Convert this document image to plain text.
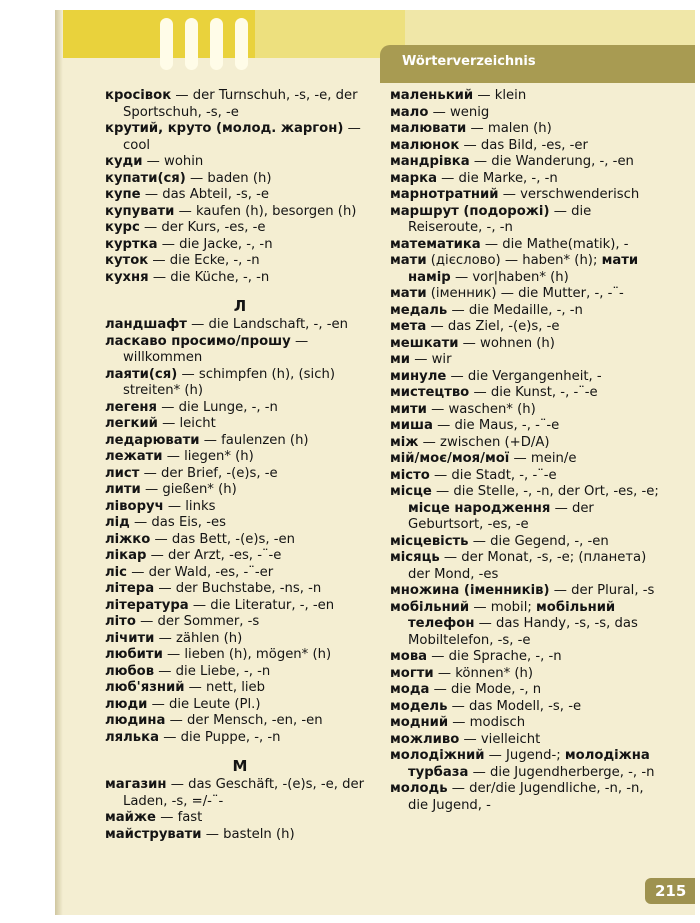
Wörterverzeichnis
кросівок — der Turnschuh, -s, -e, der Sportschuh, -s, -e
крутий, круто (молод. жаргон) — cool
куди — wohin
купати(ся) — baden (h)
купе — das Abteil, -s, -e
купувати — kaufen (h), besorgen (h)
курс — der Kurs, -es, -e
куртка — die Jacke, -, -n
куток — die Ecke, -, -n
кухня — die Küche, -, -n
Л
ландшафт — die Landschaft, -, -en
ласкаво просимо/прошу — willkommen
лаяти(ся) — schimpfen (h), (sich) streiten* (h)
легеня — die Lunge, -, -n
легкий — leicht
ледарювати — faulenzen (h)
лежати — liegen* (h)
лист — der Brief, -(e)s, -e
лити — gießen* (h)
ліворуч — links
лід — das Eis, -es
ліжко — das Bett, -(e)s, -en
лікар — der Arzt, -es, -¨-e
ліс — der Wald, -es, -¨-er
літера — der Buchstabe, -ns, -n
література — die Literatur, -, -en
літо — der Sommer, -s
лічити — zählen (h)
любити — lieben (h), mögen* (h)
любов — die Liebe, -, -n
люб'язний — nett, lieb
люди — die Leute (Pl.)
людина — der Mensch, -en, -en
лялька — die Puppe, -, -n
М
магазин — das Geschäft, -(e)s, -e, der Laden, -s, =/-¨-
майже — fast
майструвати — basteln (h)
маленький — klein
мало — wenig
малювати — malen (h)
малюнок — das Bild, -es, -er
мандрівка — die Wanderung, -, -en
марка — die Marke, -, -n
марнотратний — verschwenderisch
маршрут (подорожі) — die Reiseroute, -, -n
математика — die Mathe(matik), -
мати (дієслово) — haben* (h); мати намір — vor|haben* (h)
мати (іменник) — die Mutter, -, -¨-
медаль — die Medaille, -, -n
мета — das Ziel, -(e)s, -e
мешкати — wohnen (h)
ми — wir
минуле — die Vergangenheit, -
мистецтво — die Kunst, -, -¨-e
мити — waschen* (h)
миша — die Maus, -, -¨-e
між — zwischen (+D/A)
мій/моє/моя/мої — mein/e
місто — die Stadt, -, -¨-e
місце — die Stelle, -, -n, der Ort, -es, -e; місце народження — der Geburtsort, -es, -e
місцевість — die Gegend, -, -en
місяць — der Monat, -s, -e; (планета) der Mond, -es
множина (іменників) — der Plural, -s
мобільний — mobil; мобільний телефон — das Handy, -s, -s, das Mobiltelefon, -s, -e
мова — die Sprache, -, -n
могти — können* (h)
мода — die Mode, -, n
модель — das Modell, -s, -e
модний — modisch
можливо — vielleicht
молодіжний — Jugend-; молодіжна турбаза — die Jugendherberge, -, -n
молодь — der/die Jugendliche, -n, -n, die Jugend, -
215
